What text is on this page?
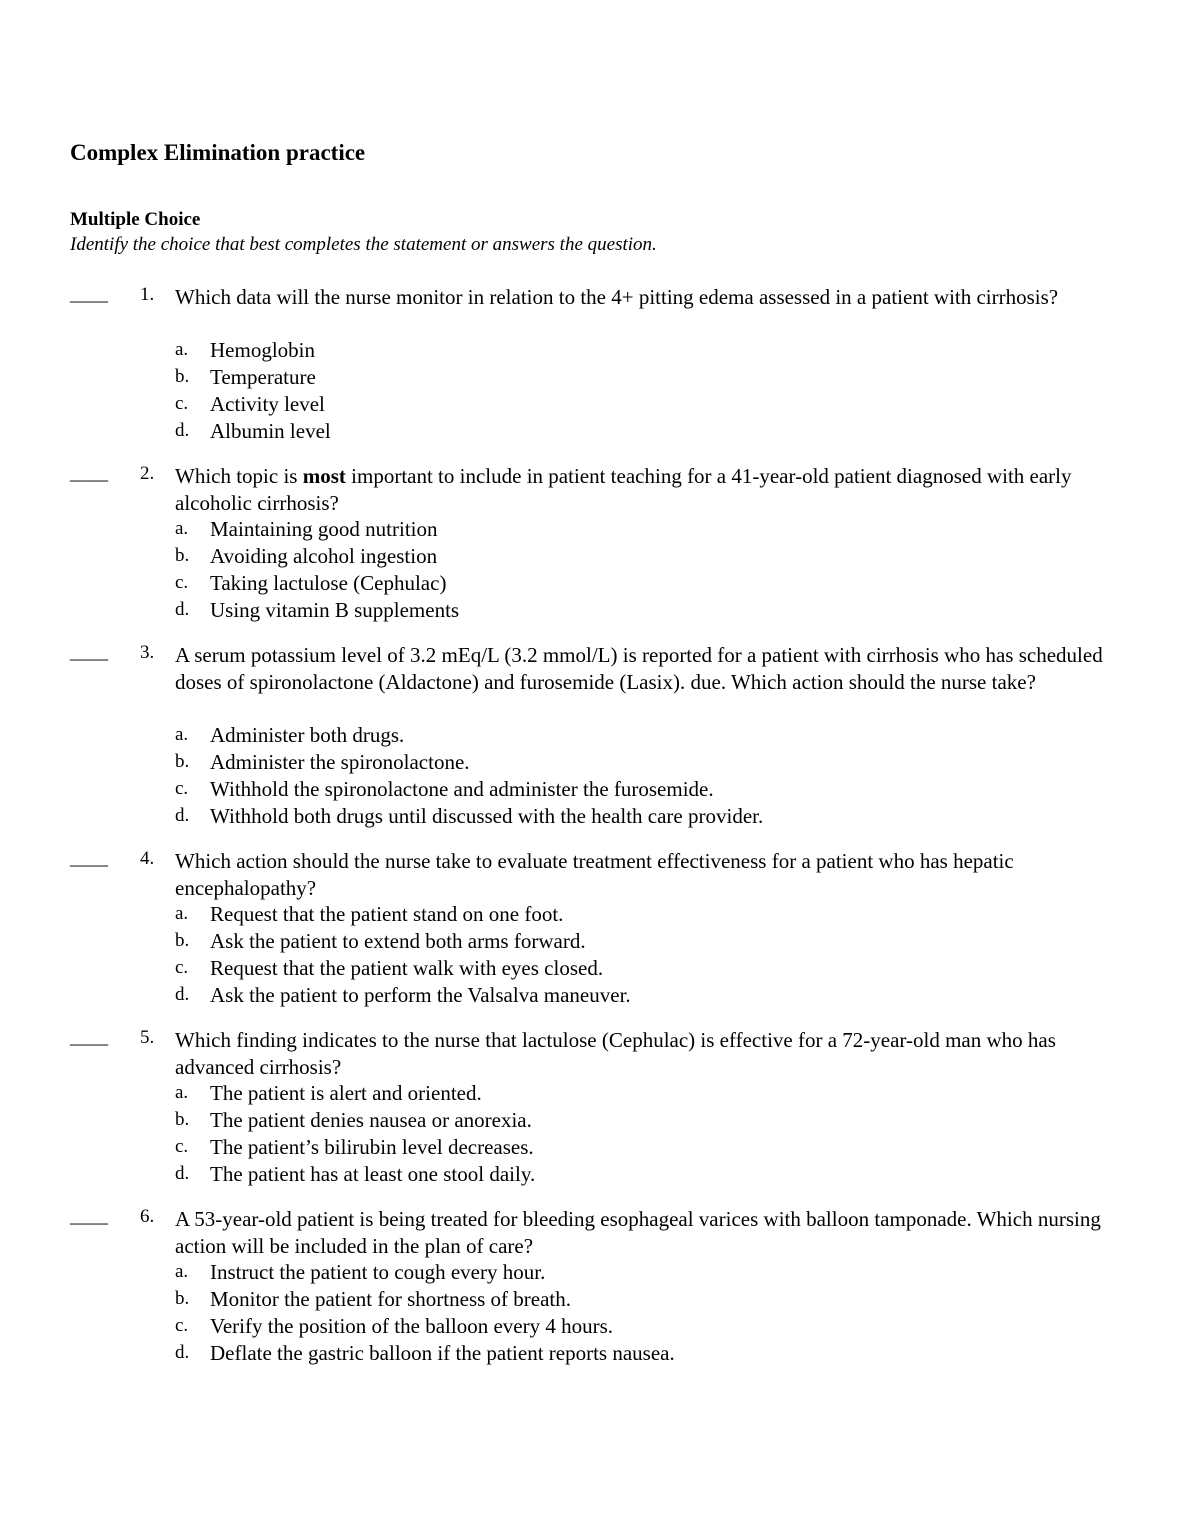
Complex Elimination practice
Multiple Choice
Identify the choice that best completes the statement or answers the question.
____ 1. Which data will the nurse monitor in relation to the 4+ pitting edema assessed in a patient with cirrhosis?
a. Hemoglobin
b. Temperature
c. Activity level
d. Albumin level
____ 2. Which topic is most important to include in patient teaching for a 41-year-old patient diagnosed with early alcoholic cirrhosis?
a. Maintaining good nutrition
b. Avoiding alcohol ingestion
c. Taking lactulose (Cephulac)
d. Using vitamin B supplements
____ 3. A serum potassium level of 3.2 mEq/L (3.2 mmol/L) is reported for a patient with cirrhosis who has scheduled doses of spironolactone (Aldactone) and furosemide (Lasix). due. Which action should the nurse take?
a. Administer both drugs.
b. Administer the spironolactone.
c. Withhold the spironolactone and administer the furosemide.
d. Withhold both drugs until discussed with the health care provider.
____ 4. Which action should the nurse take to evaluate treatment effectiveness for a patient who has hepatic encephalopathy?
a. Request that the patient stand on one foot.
b. Ask the patient to extend both arms forward.
c. Request that the patient walk with eyes closed.
d. Ask the patient to perform the Valsalva maneuver.
____ 5. Which finding indicates to the nurse that lactulose (Cephulac) is effective for a 72-year-old man who has advanced cirrhosis?
a. The patient is alert and oriented.
b. The patient denies nausea or anorexia.
c. The patient’s bilirubin level decreases.
d. The patient has at least one stool daily.
____ 6. A 53-year-old patient is being treated for bleeding esophageal varices with balloon tamponade. Which nursing action will be included in the plan of care?
a. Instruct the patient to cough every hour.
b. Monitor the patient for shortness of breath.
c. Verify the position of the balloon every 4 hours.
d. Deflate the gastric balloon if the patient reports nausea.
